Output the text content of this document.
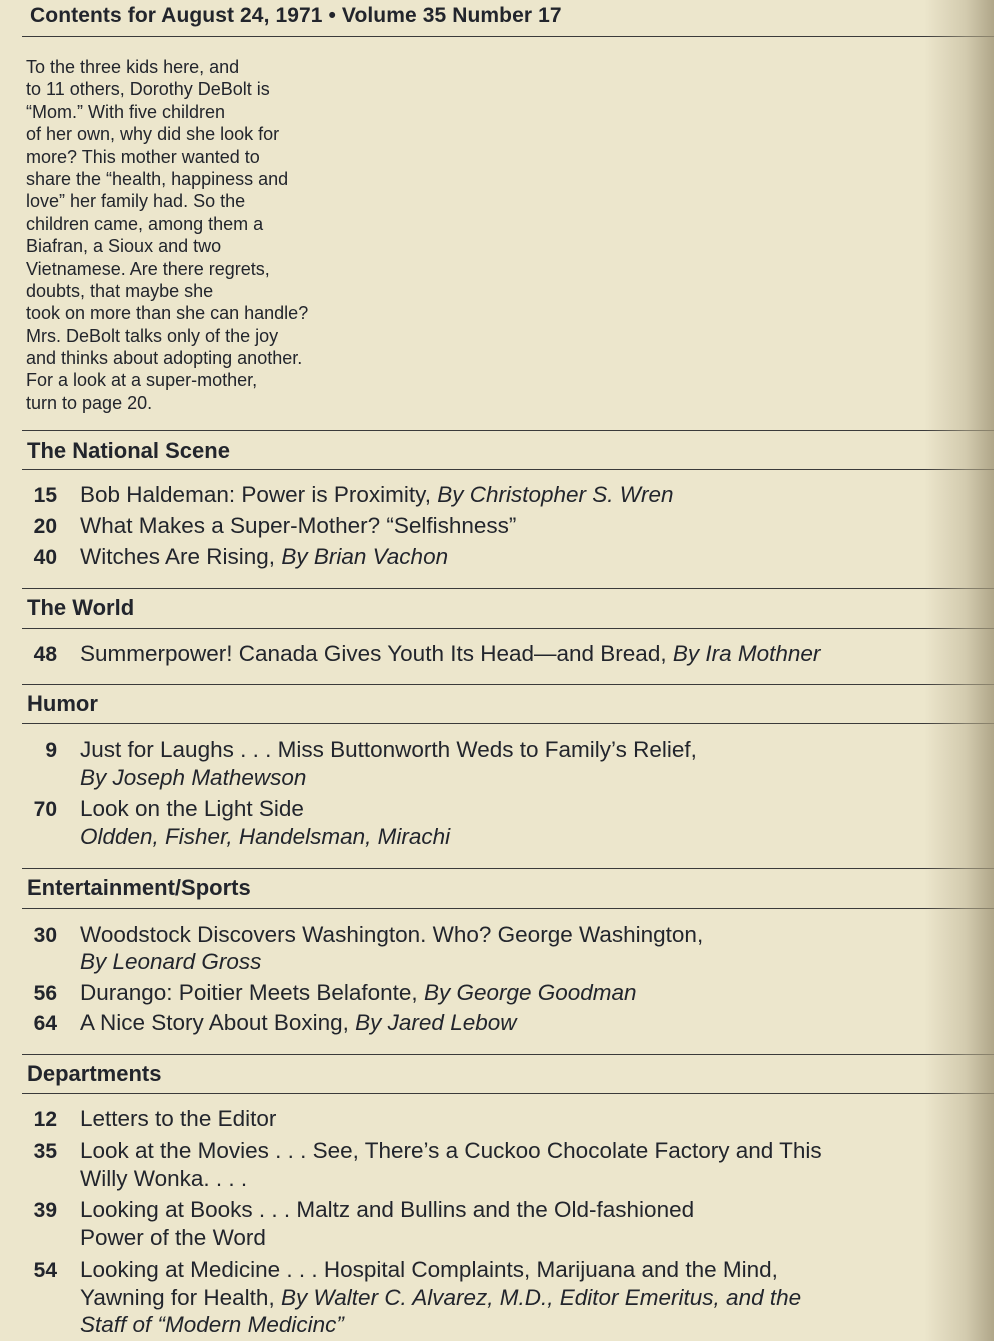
Contents for August 24, 1971 • Volume 35 Number 17
To the three kids here, and
to 11 others, Dorothy DeBolt is
“Mom.” With five children
of her own, why did she look for
more? This mother wanted to
share the “health, happiness and
love” her family had. So the
children came, among them a
Biafran, a Sioux and two
Vietnamese. Are there regrets,
doubts, that maybe she
took on more than she can handle?
Mrs. DeBolt talks only of the joy
and thinks about adopting another.
For a look at a super-mother,
turn to page 20.
The National Scene
15 Bob Haldeman: Power is Proximity, By Christopher S. Wren
20 What Makes a Super-Mother? “Selfishness”
40 Witches Are Rising, By Brian Vachon
The World
48 Summerpower! Canada Gives Youth Its Head—and Bread, By Ira Mothner
Humor
9 Just for Laughs . . . Miss Buttonworth Weds to Family’s Relief,
By Joseph Mathewson
70 Look on the Light Side
Oldden, Fisher, Handelsman, Mirachi
Entertainment/Sports
30 Woodstock Discovers Washington. Who? George Washington,
By Leonard Gross
56 Durango: Poitier Meets Belafonte, By George Goodman
64 A Nice Story About Boxing, By Jared Lebow
Departments
12 Letters to the Editor
35 Look at the Movies . . . See, There’s a Cuckoo Chocolate Factory and This
Willy Wonka. . . .
39 Looking at Books . . . Maltz and Bullins and the Old-fashioned
Power of the Word
54 Looking at Medicine . . . Hospital Complaints, Marijuana and the Mind,
Yawning for Health, By Walter C. Alvarez, M.D., Editor Emeritus, and the
Staff of “Modern Medicinc”
